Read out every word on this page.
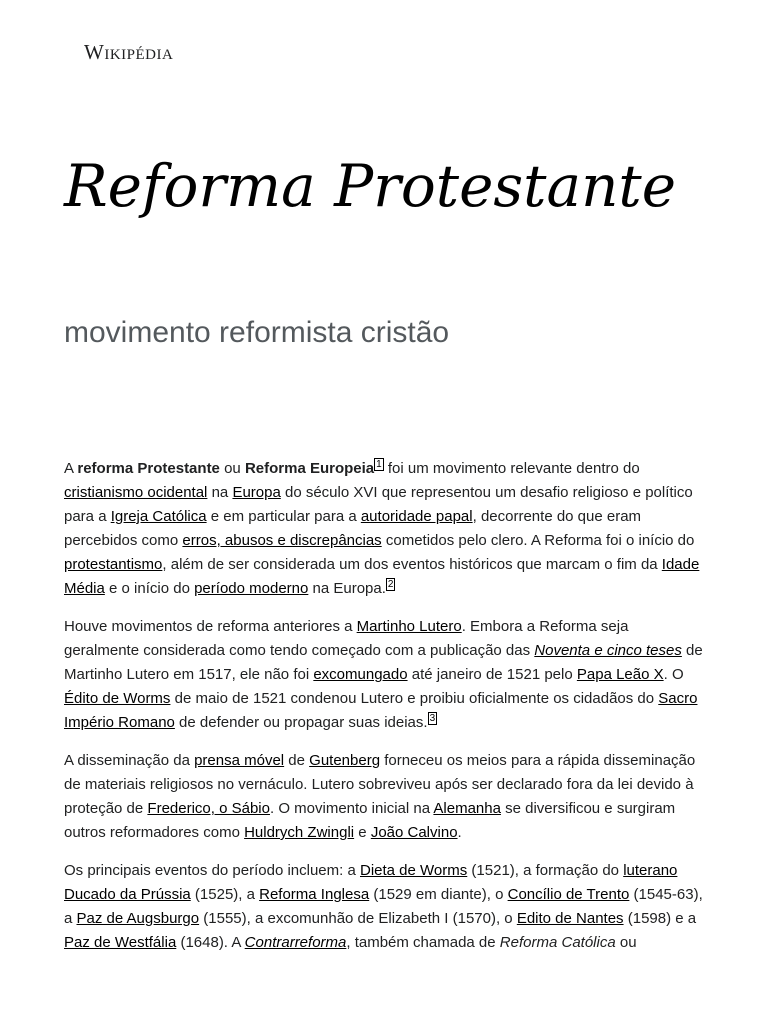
Wikipédia
Reforma Protestante
movimento reformista cristão

A reforma Protestante ou Reforma Europeia $^1$ foi um movimento relevante dentro do cristianismo ocidental na Europa do século XVI que representou um desafio religioso e político para a Igreja Católica e em particular para a autoridade papal, decorrente do que eram percebidos como erros, abusos e discrepâncias cometidos pelo clero. A Reforma foi o início do protestantismo, além de ser considerada um dos eventos históricos que marcam o fim da Idade Média e o início do período moderno na Europa. $^2$

Houve movimentos de reforma anteriores a Martinho Lutero. Embora a Reforma seja geralmente considerada como tendo começado com a publicação das Noventa e cinco teses de Martinho Lutero em 1517, ele não foi excomungado até janeiro de 1521 pelo Papa Leão X. O Édito de Worms de maio de 1521 condenou Lutero e proibiu oficialmente os cidadãos do Sacro Império Romano de defender ou propagar suas ideias. $^3$

A disseminação da prensa móvel de Gutenberg forneceu os meios para a rápida disseminação de materiais religiosos no vernáculo. Lutero sobreviveu após ser declarado fora da lei devido à proteção de Frederico, o Sábio. O movimento inicial na Alemanha se diversificou e surgiram outros reformadores como Huldrych Zwingli e João Calvino.

Os principais eventos do período incluem: a Dieta de Worms (1521), a formação do luterano Ducado da Prússia (1525), a Reforma Inglesa (1529 em diante), o Concílio de Trento (1545-63), a Paz de Augsburgo (1555), a excomunhão de Elizabeth I (1570), o Edito de Nantes (1598) e a Paz de Westfália (1648). A Contrarreforma, também chamada de Reforma Católica ou
